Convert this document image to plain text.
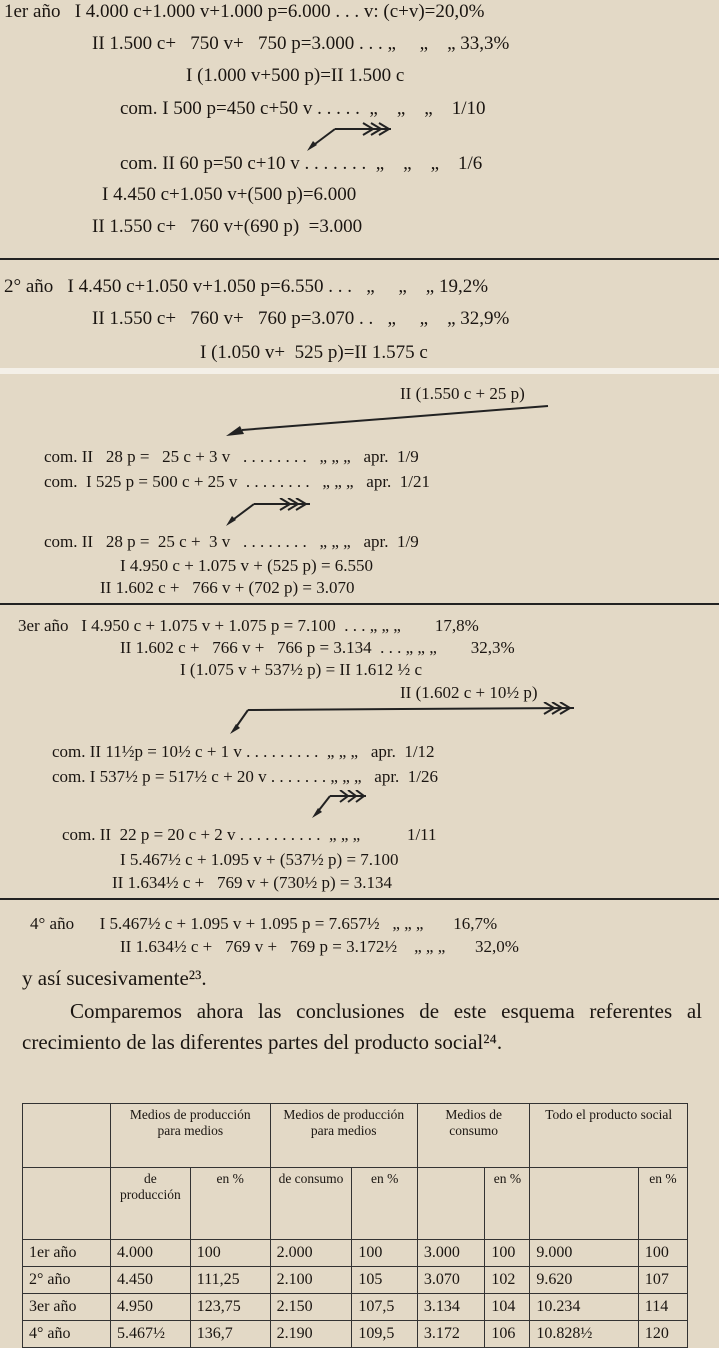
1er año   I 4.000 c+1.000 v+1.000 p=6.000 . . . v: (c+v)=20,0%
II 1.500 c+   750 v+   750 p=3.000 . . . „     „    „ 33,3%
I (1.000 v+500 p)=II 1.500 c
com. I 500 p=450 c+50 v . . . . .  „    „    „    1/10
com. II 60 p=50 c+10 v . . . . . . .  „    „    „    1/6
I 4.450 c+1.050 v+(500 p)=6.000
II 1.550 c+   760 v+(690 p)  =3.000
2° año   I 4.450 c+1.050 v+1.050 p=6.550 . . .   „     „    „ 19,2%
II 1.550 c+   760 v+   760 p=3.070 . .   „     „    „ 32,9%
I (1.050 v+  525 p)=II 1.575 c
II (1.550 c + 25 p)
com. II   28 p =   25 c + 3 v   . . . . . . . .   „ „ „   apr.  1/9
com.  I 525 p = 500 c + 25 v  . . . . . . . .   „ „ „   apr.  1/21
com. II   28 p =  25 c +  3 v   . . . . . . . .   „ „ „   apr.  1/9
I 4.950 c + 1.075 v + (525 p) = 6.550
II 1.602 c +   766 v + (702 p) = 3.070
3er año   I 4.950 c + 1.075 v + 1.075 p = 7.100  . . . „ „ „        17,8%
II 1.602 c +   766 v +   766 p = 3.134  . . . „ „ „        32,3%
I (1.075 v + 537½ p) = II 1.612 ½ c
II (1.602 c + 10½ p)
com. II 11½p = 10½ c + 1 v . . . . . . . . .  „ „ „   apr.  1/12
com. I 537½ p = 517½ c + 20 v . . . . . . . „ „ „   apr.  1/26
com. II  22 p = 20 c + 2 v . . . . . . . . . .  „ „ „           1/11
I 5.467½ c + 1.095 v + (537½ p) = 7.100
II 1.634½ c +   769 v + (730½ p) = 3.134
4° año      I 5.467½ c + 1.095 v + 1.095 p = 7.657½   „ „ „       16,7%
II 1.634½ c +   769 v +   769 p = 3.172½    „ „ „       32,0%
y así sucesivamente²³.
Comparemos ahora las conclusiones de este esquema referentes al crecimiento de las diferentes partes del producto social²⁴.
	Medios de producción para medios		Medios de producción para medios		Medios de consumo		Todo el producto social	
	de producción	en %	de consumo	en %		en %		en %
1er año	4.000	100	2.000	100	3.000	100	9.000	100
2° año	4.450	111,25	2.100	105	3.070	102	9.620	107
3er año	4.950	123,75	2.150	107,5	3.134	104	10.234	114
4° año	5.467½	136,7	2.190	109,5	3.172	106	10.828½	120
